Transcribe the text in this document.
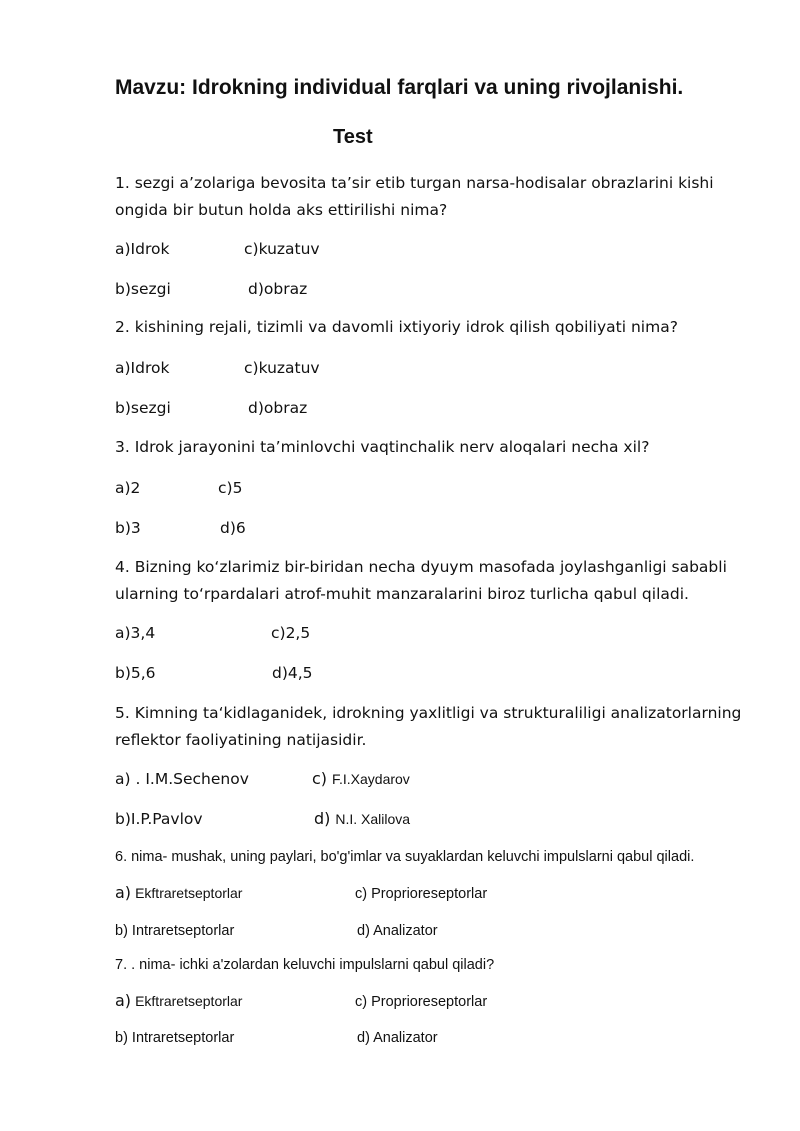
Mavzu: Idrokning individual farqlari va uning rivojlanishi.
Test

1. sezgi a’zolariga bevosita ta’sir etib turgan narsa-hodisalar obrazlarini kishi ongida bir butun holda aks ettirilishi nima?

a)Idrok	c)kuzatuv
b)sezgi	d)obraz

2. kishining rejali, tizimli va davomli ixtiyoriy idrok qilish qobiliyati nima?

a)Idrok	c)kuzatuv
b)sezgi	d)obraz

3. Idrok jarayonini ta’minlovchi vaqtinchalik nerv aloqalari necha xil?

a)2	c)5
b)3	d)6

4. Bizning ko‘zlarimiz bir-biridan necha dyuym masofada joylashganligi sababli ularning to‘rpardalari atrof-muhit manzaralarini biroz turlicha qabul qiladi.

a)3,4	c)2,5
b)5,6	d)4,5

5. Kimning ta‘kidlaganidek, idrokning yaxlitligi va strukturaliligi analizatorlarning reflektor faoliyatining natijasidir.

a) . I.M.Sechenov	c) F.I.Xaydarov
b)I.P.Pavlov	d) N.I. Xalilova

6. nima- mushak, uning paylari, bo'g'imlar va suyaklardan keluvchi impulslarni qabul qiladi.

a) Ekftraretseptorlar	c) Proprioreseptorlar
b) Intraretseptorlar	d) Analizator

7. . nima- ichki a'zolardan keluvchi impulslarni qabul qiladi?

a) Ekftraretseptorlar	c) Proprioreseptorlar
b) Intraretseptorlar	d) Analizator
